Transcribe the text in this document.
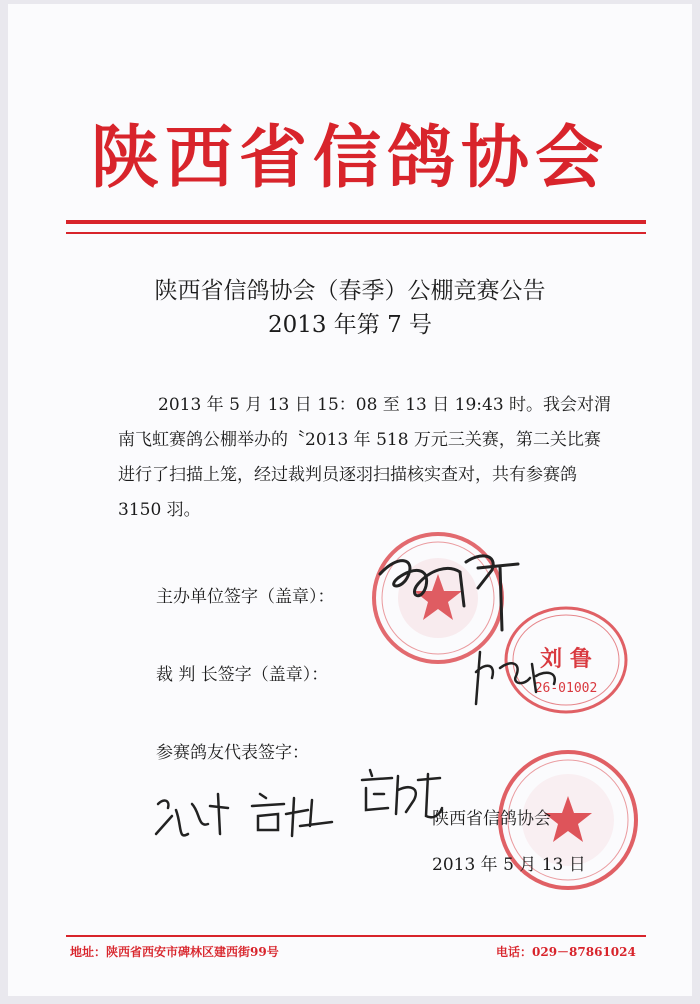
陕西省信鸽协会
陕西省信鸽协会（春季）公棚竞赛公告
2013 年第 7 号

2013 年 5 月 13 日 15：08 至 13 日 19:43 时。我会对渭南飞虹赛鸽公棚举办的〝2013 年 518 万元三关赛，第二关比赛进行了扫描上笼，经过裁判员逐羽扫描核实查对，共有参赛鸽 3150 羽。

刘 鲁
26-01002
主办单位签字（盖章）：
裁 判 长签字（盖章）：
参赛鸽友代表签字：
陕西省信鸽协会
2013 年 5 月 13 日
地址：陕西省西安市碑林区建西街99号	电话：029－87861024
